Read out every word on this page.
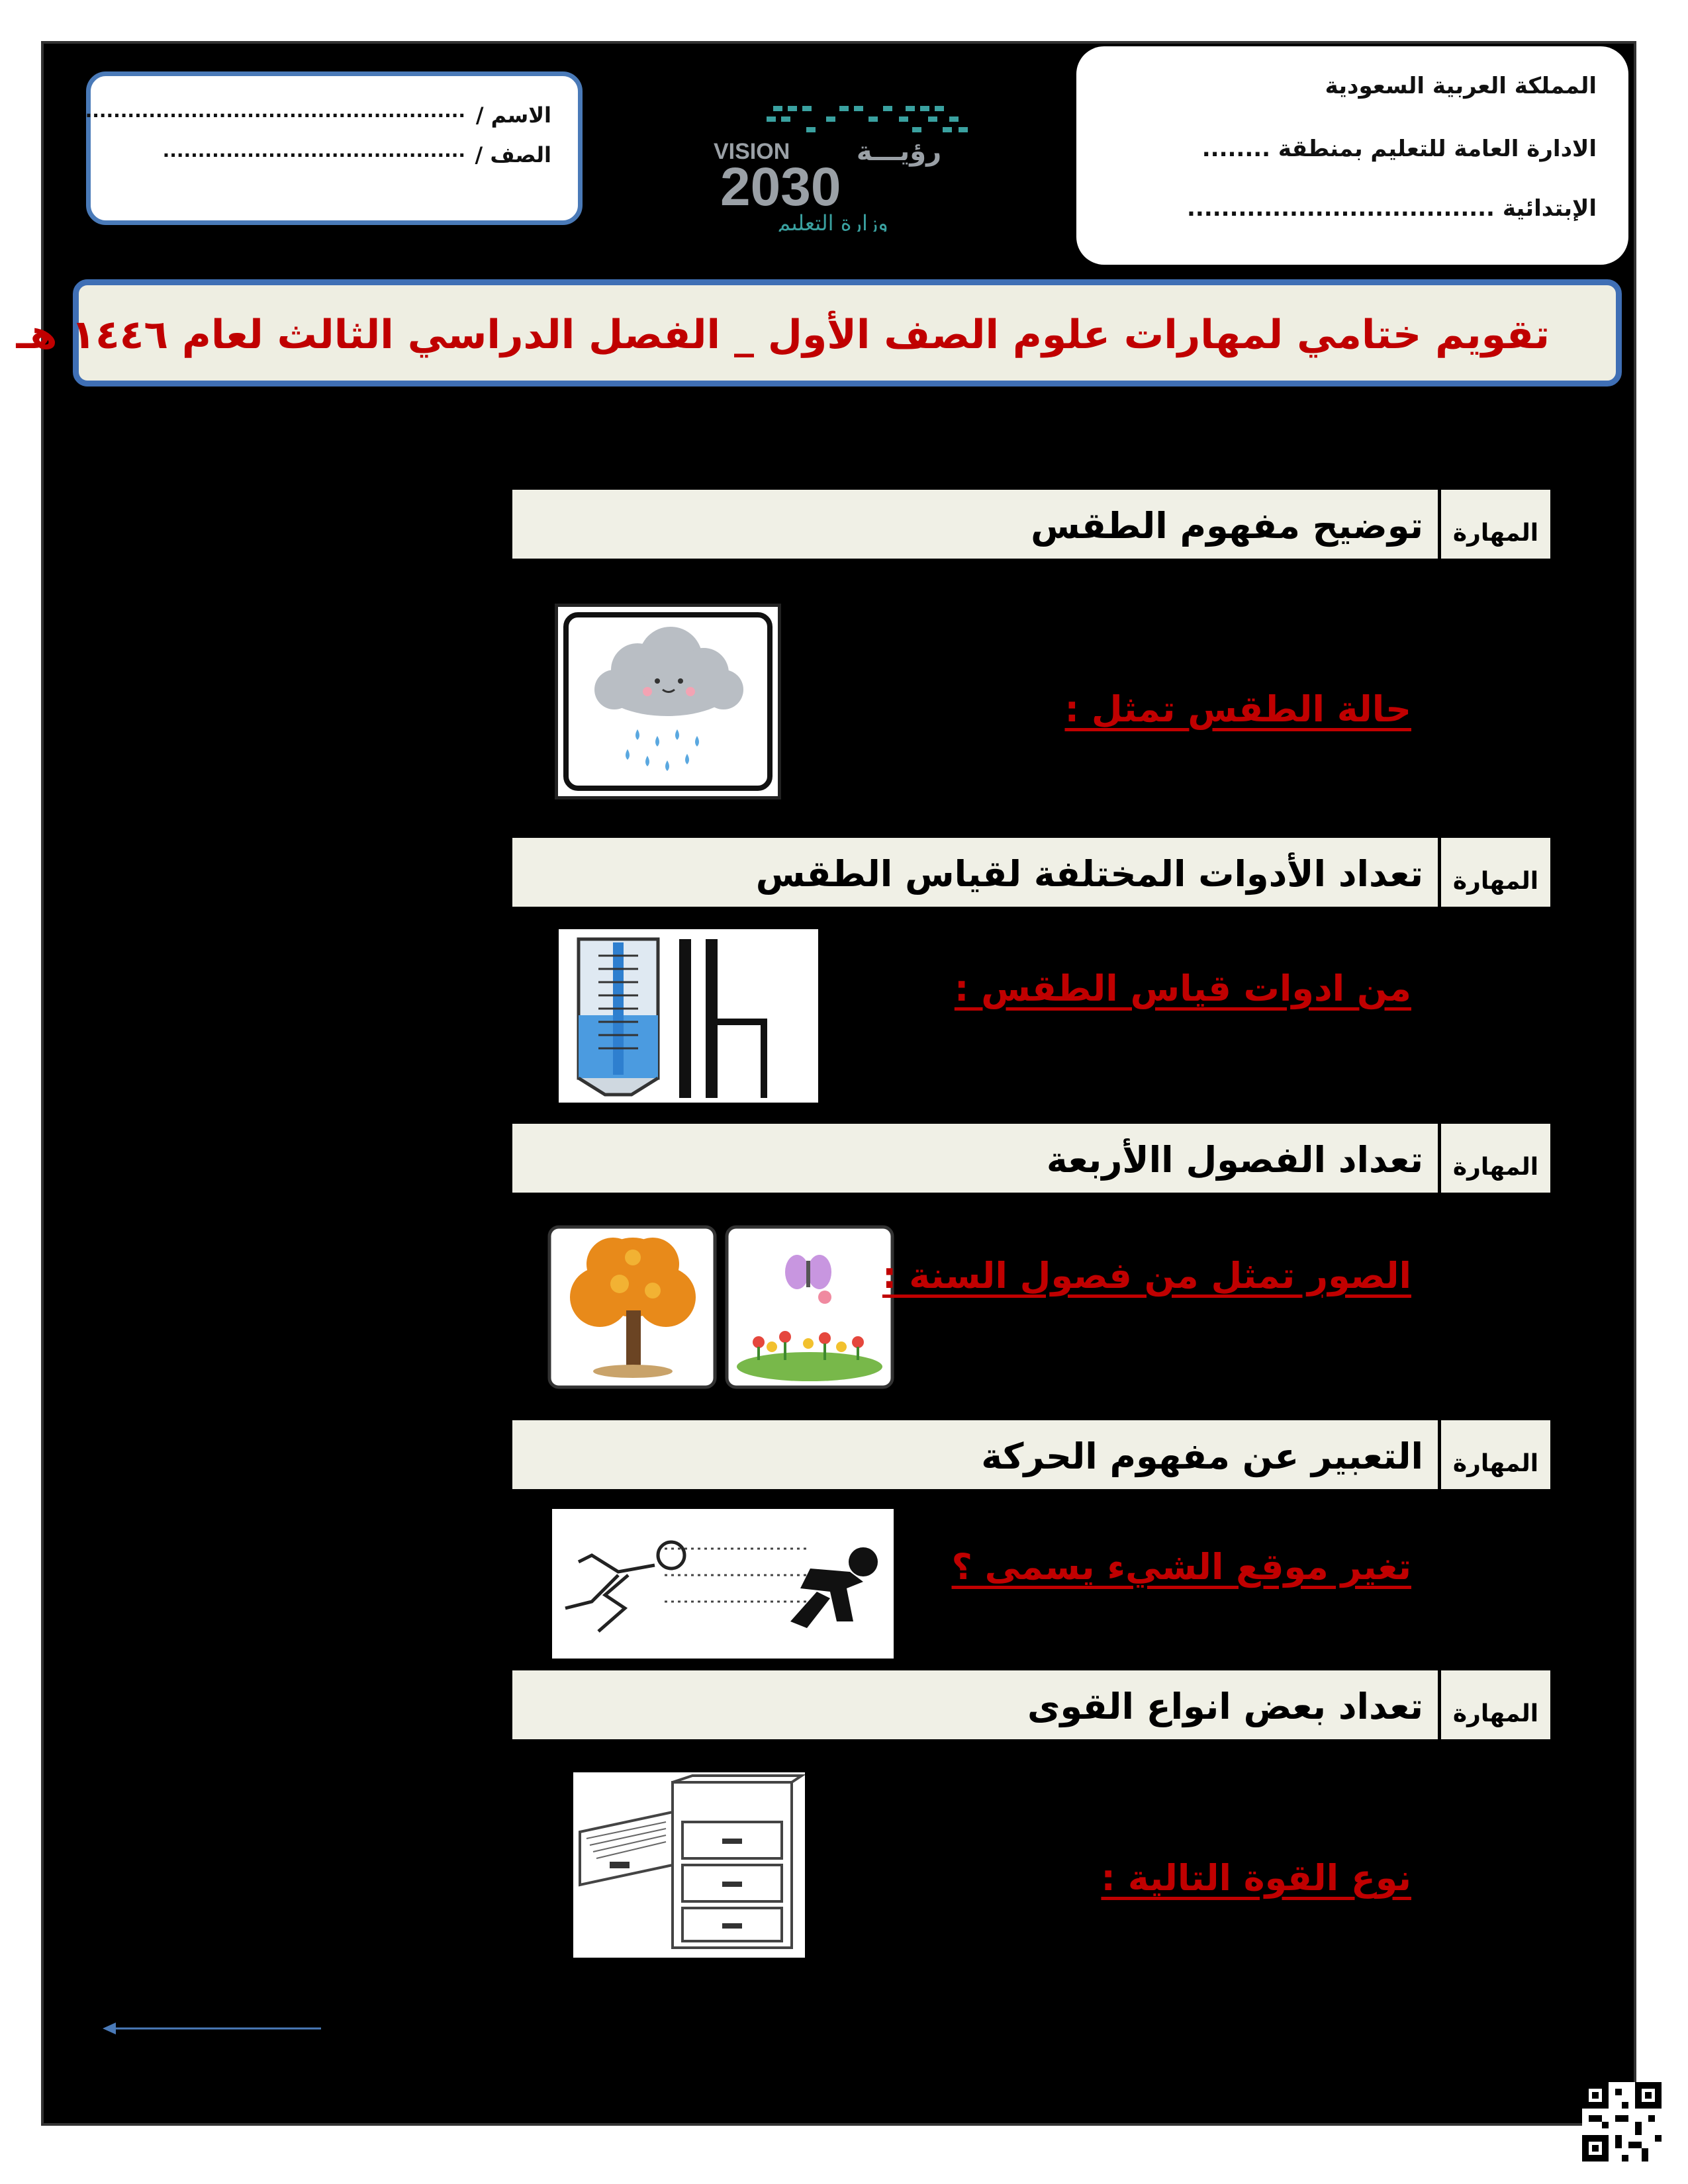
المملكة العربية السعودية
الادارة العامة للتعليم بمنطقة ........
الإبتدائية ....................................
VISION	رؤيـــة
2030
وزارة التعليم
الاسم /
......................................................
الصف /
...........................................
تقويم ختامي لمهارات علوم الصف الأول _ الفصل الدراسي الثالث لعام ١٤٤٦ هـ
المهارة
توضيح مفهوم الطقس
حالة الطقس تمثل :
المهارة
تعداد الأدوات المختلفة لقياس الطقس
من ادوات قياس الطقس :
المهارة
تعداد الفصول االأربعة
الصور تمثل من فصول السنة :
المهارة
التعبير عن مفهوم الحركة
تغير موقع الشيء يسمى ؟
المهارة
تعداد بعض انواع القوى
نوع القوة التالية :
